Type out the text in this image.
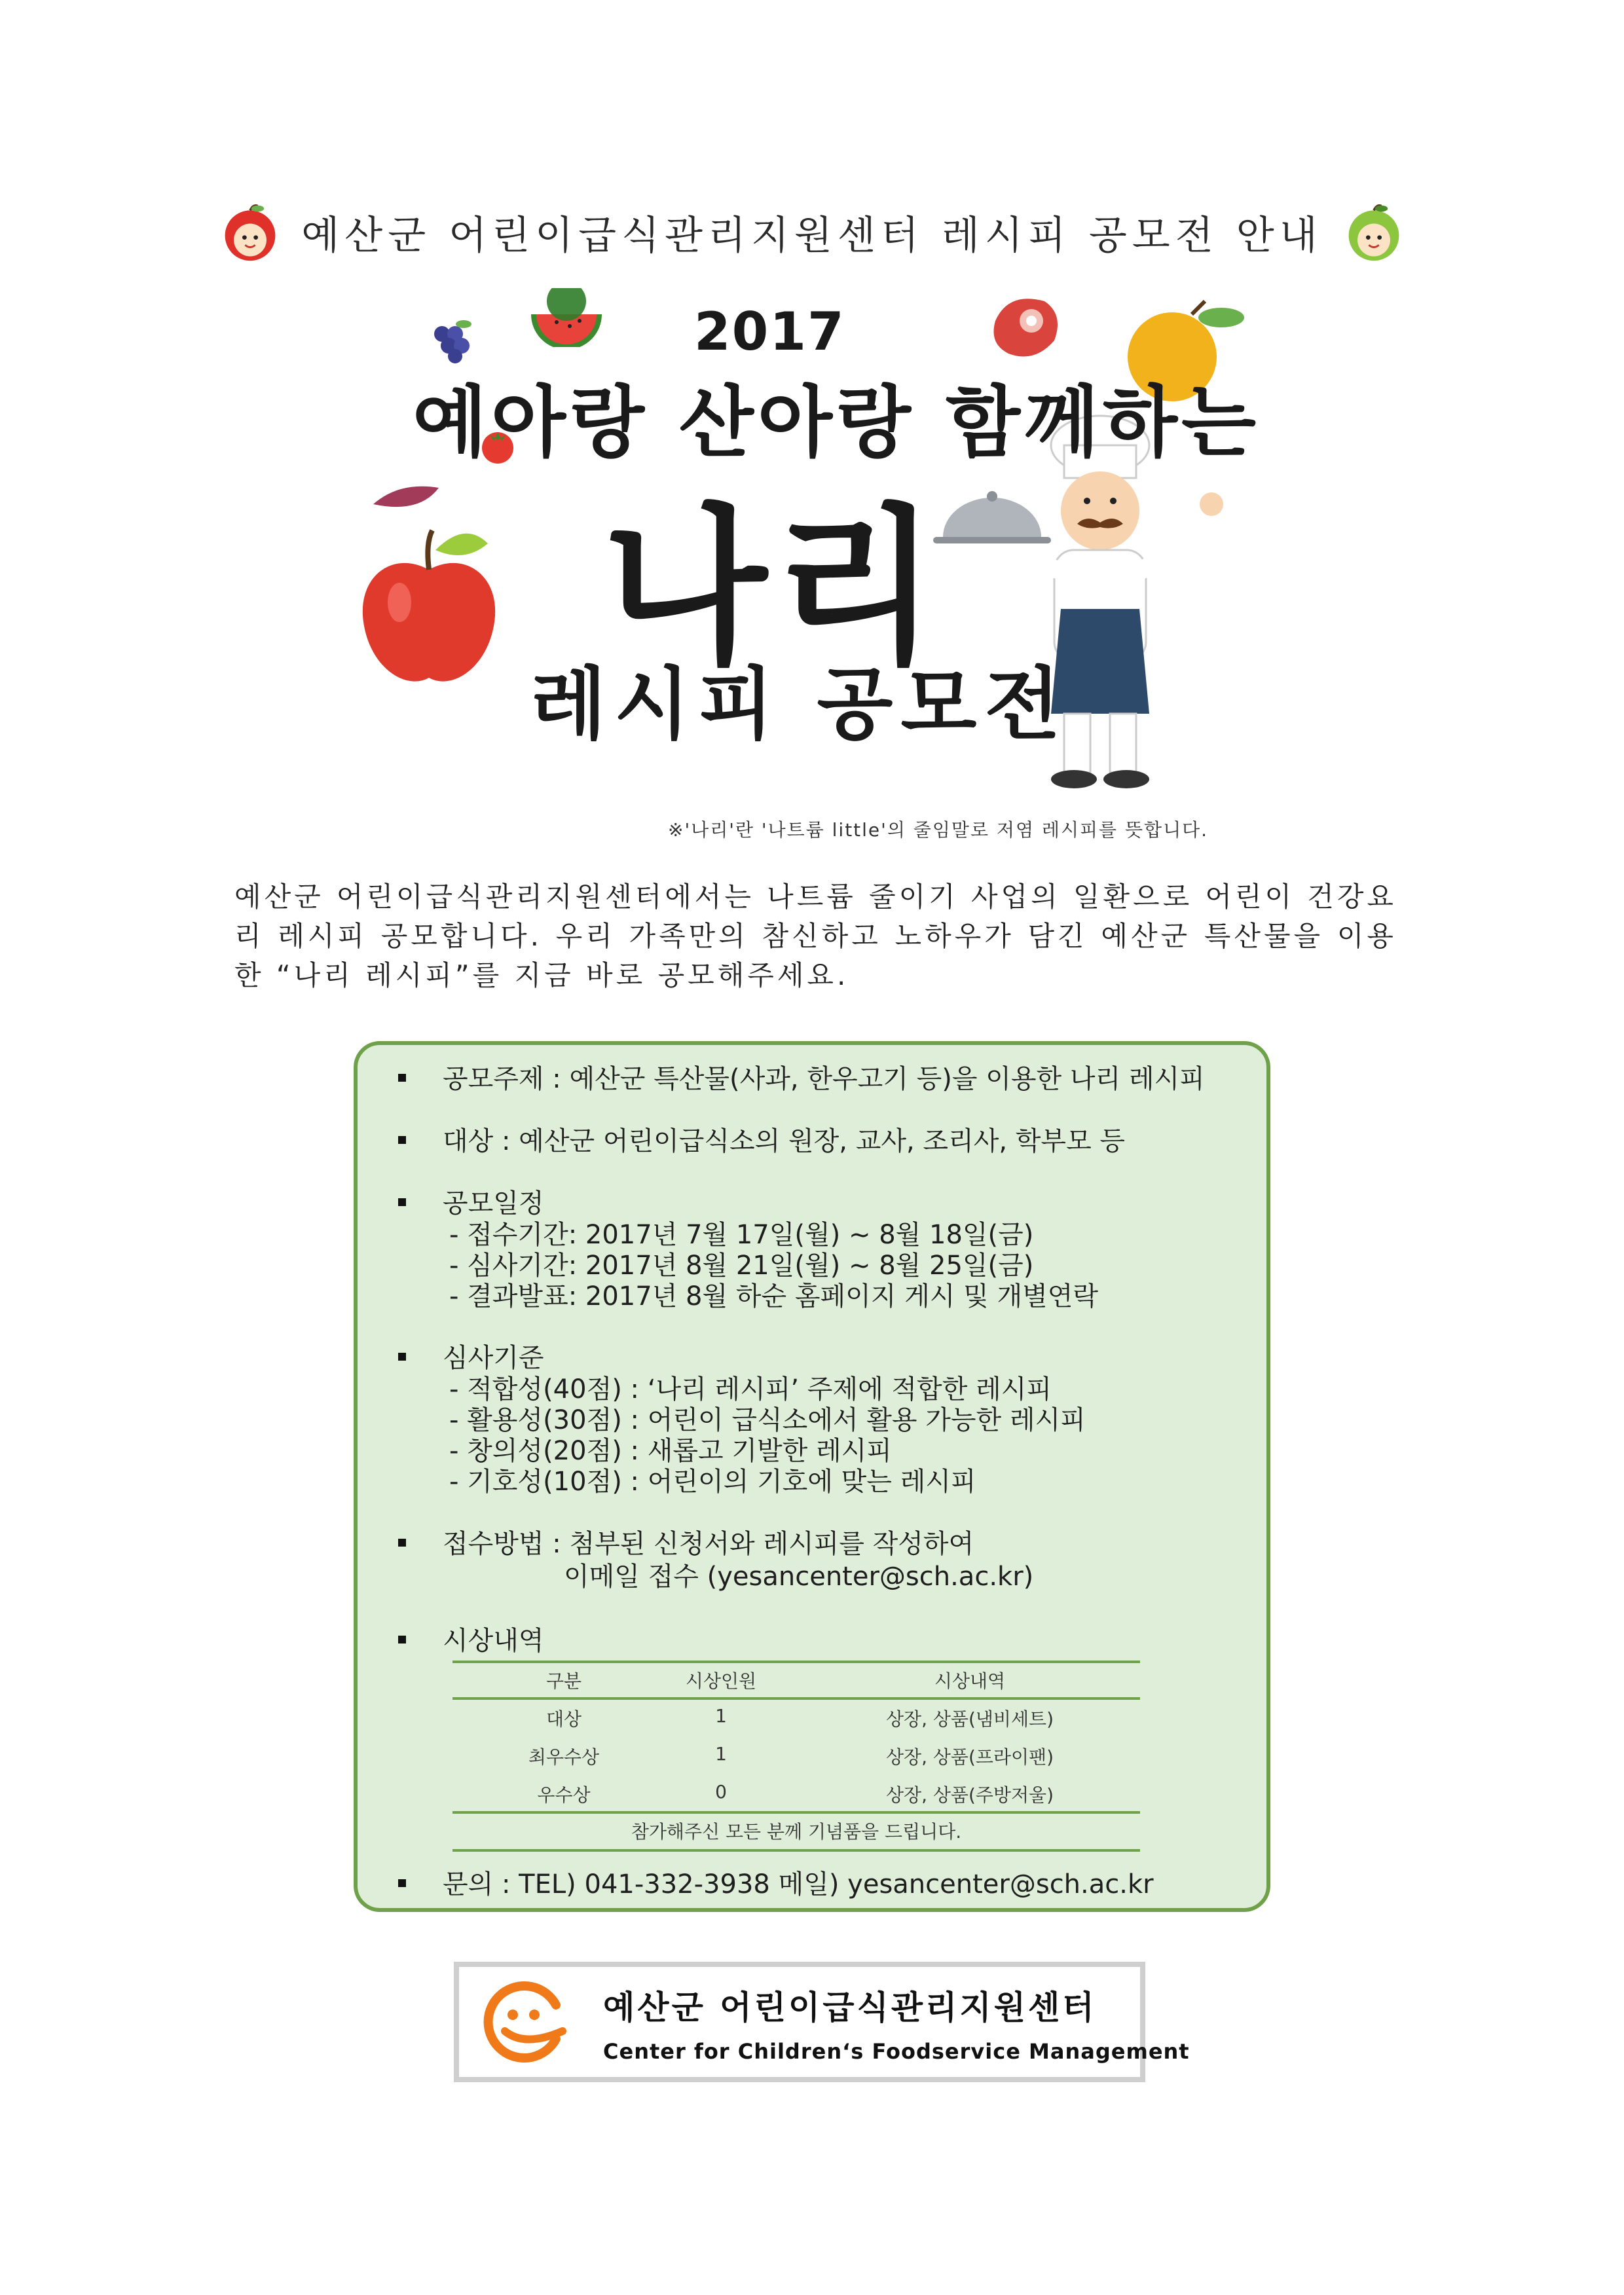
예산군 어린이급식관리지원센터 레시피 공모전 안내
2017
예아랑 산아랑 함께하는
나리
레시피 공모전
※'나리'란 '나트륨 little'의 줄임말로 저염 레시피를 뜻합니다.
예산군 어린이급식관리지원센터에서는 나트륨 줄이기 사업의 일환으로 어린이 건강요리 레시피 공모합니다. 우리 가족만의 참신하고 노하우가 담긴 예산군 특산물을 이용한 “나리 레시피”를 지금 바로 공모해주세요.
공모주제 : 예산군 특산물(사과, 한우고기 등)을 이용한 나리 레시피
대상 : 예산군 어린이급식소의 원장, 교사, 조리사, 학부모 등
공모일정
- 접수기간: 2017년 7월 17일(월) ~ 8월 18일(금)
- 심사기간: 2017년 8월 21일(월) ~ 8월 25일(금)
- 결과발표: 2017년 8월 하순 홈페이지 게시 및 개별연락
심사기준
- 적합성(40점) : ‘나리 레시피’ 주제에 적합한 레시피
- 활용성(30점) : 어린이 급식소에서 활용 가능한 레시피
- 창의성(20점) : 새롭고 기발한 레시피
- 기호성(10점) : 어린이의 기호에 맞는 레시피
접수방법 : 첨부된 신청서와 레시피를 작성하여
이메일 접수 (yesancenter@sch.ac.kr)
시상내역
구분	시상인원	시상내역
대상	1	상장, 상품(냄비세트)
최우수상	1	상장, 상품(프라이팬)
우수상	0	상장, 상품(주방저울)
참가해주신 모든 분께 기념품을 드립니다.
문의 : TEL) 041-332-3938 메일) yesancenter@sch.ac.kr
예산군 어린이급식관리지원센터
Center for Children‘s Foodservice Management
